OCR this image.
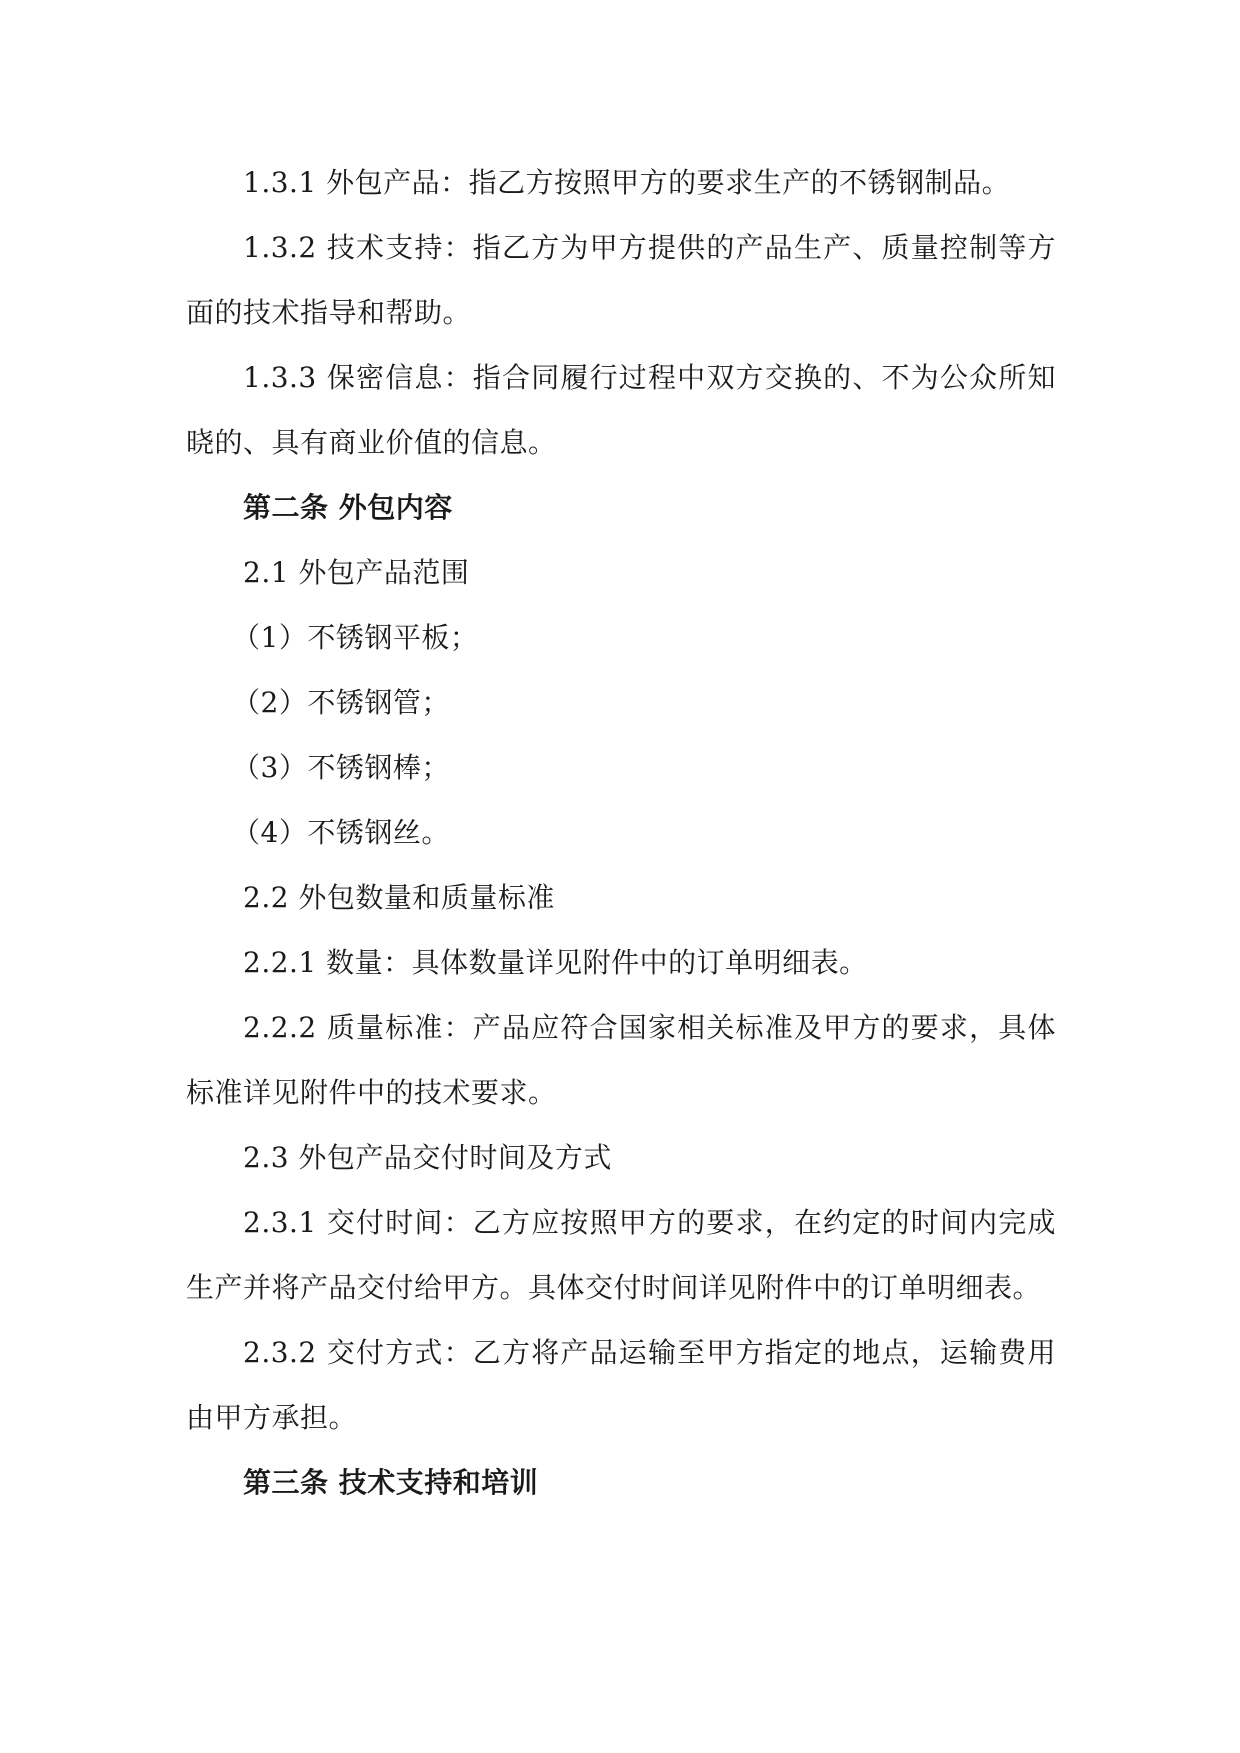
1.3.1 外包产品：指乙方按照甲方的要求生产的不锈钢制品。

1.3.2 技术支持：指乙方为甲方提供的产品生产、质量控制等方面的技术指导和帮助。

1.3.3 保密信息：指合同履行过程中双方交换的、不为公众所知晓的、具有商业价值的信息。

第二条 外包内容

2.1 外包产品范围

（1）不锈钢平板；

（2）不锈钢管；

（3）不锈钢棒；

（4）不锈钢丝。

2.2 外包数量和质量标准

2.2.1 数量：具体数量详见附件中的订单明细表。

2.2.2 质量标准：产品应符合国家相关标准及甲方的要求，具体标准详见附件中的技术要求。

2.3 外包产品交付时间及方式

2.3.1 交付时间：乙方应按照甲方的要求，在约定的时间内完成生产并将产品交付给甲方。具体交付时间详见附件中的订单明细表。

2.3.2 交付方式：乙方将产品运输至甲方指定的地点，运输费用由甲方承担。

第三条 技术支持和培训
